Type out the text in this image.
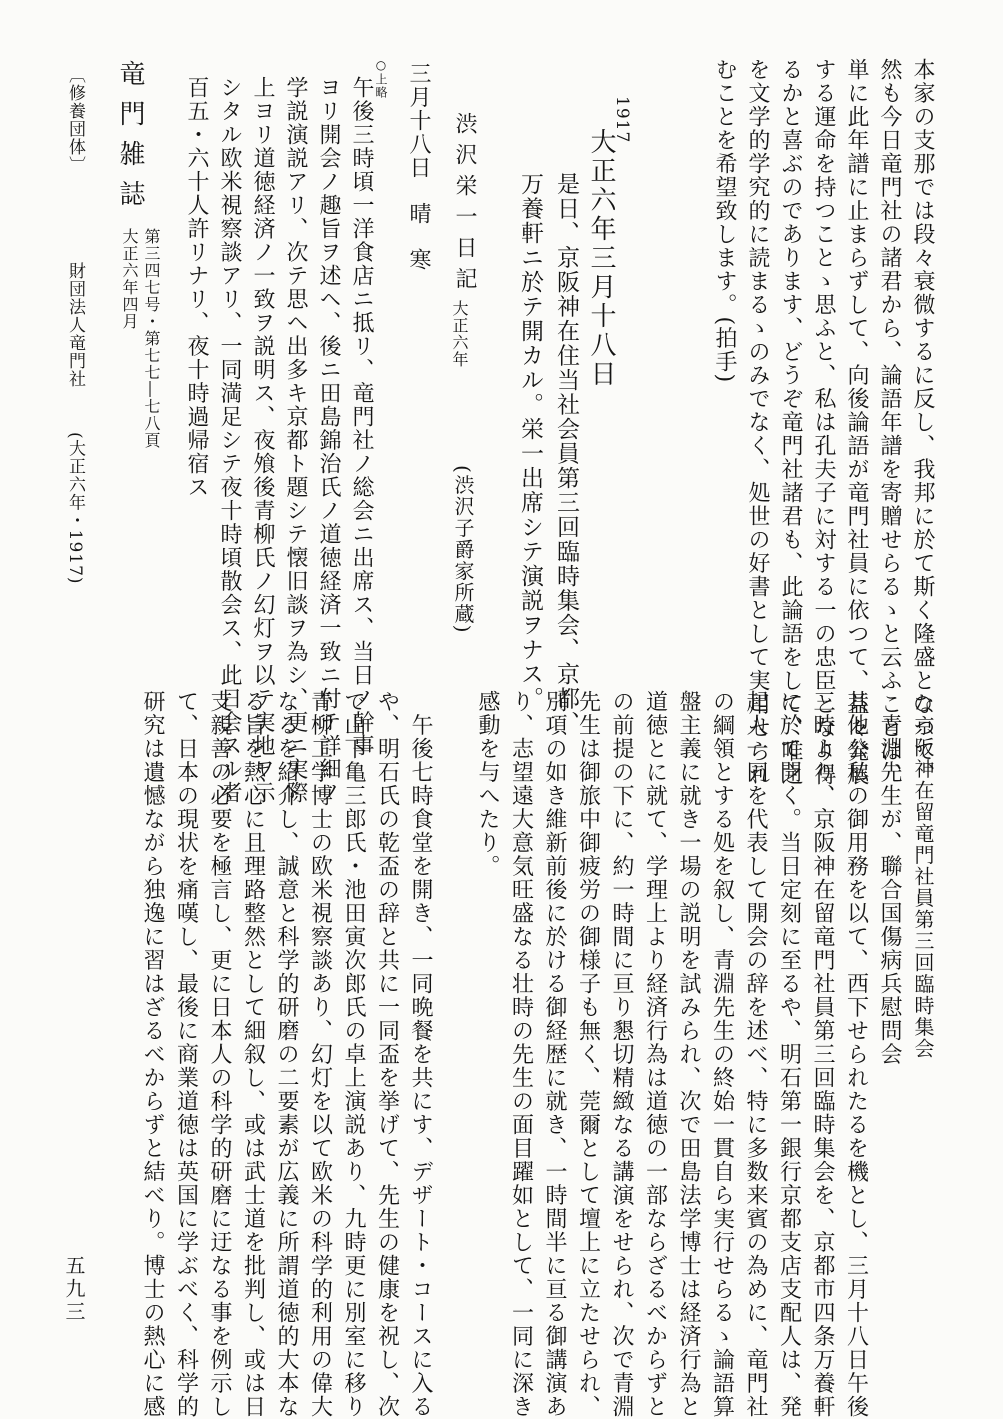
本家の支那では段々衰微するに反し、我邦に於て斯く隆盛となつて、

然も今日竜門社の諸君から、論語年譜を寄贈せらるゝと云ふことは、

単に此年譜に止まらずして、向後論語が竜門社員に依つて、益々発展

する運命を持つことゝ思ふと、私は孔夫子に対する一の忠臣となり得

るかと喜ぶのであります、どうぞ竜門社諸君も、此論語をして、唯之

を文学的学究的に読まるゝのみでなく、処世の好書として実用せられ

むことを希望致します。(拍手)

1917
大正六年三月十八日

是日、京阪神在住当社会員第三回臨時集会、京都、

万養軒ニ於テ開カル。栄一出席シテ演説ヲナス。

渋沢栄一日記
大正六年
(渋沢子爵家所蔵)
三月十八日 晴 寒
○上略

午後三時頃一洋食店ニ抵リ、竜門社ノ総会ニ出席ス、当日ノ幹事

ヨリ開会ノ趣旨ヲ述ヘ、後ニ田島錦治氏ノ道徳経済一致ニ付テ詳細ノ

学説演説アリ、次テ思ヘ出多キ京都ト題シテ懐旧談ヲ為シ、更ニ実際

上ヨリ道徳経済ノ一致ヲ説明ス、夜飧後青柳氏ノ幻灯ヲ以テ実地ヲ示

シタル欧米視察談アリ、一同満足シテ夜十時頃散会ス、此日会スル者

百五・六十人許リナリ、夜十時過帰宿ス

竜門雑誌
第三四七号・第七七―七八頁
大正六年四月
〔修養団体〕
財団法人竜門社
(大正六年・1917)
○京阪神在留竜門社員第三回臨時集会

　青淵先生が、聯合国傷病兵慰問会

其他公私の御用務を以て、西下せられたるを機とし、三月十八日午後

三時より、京阪神在留竜門社員第三回臨時集会を、京都市四条万養軒

に於て開く。当日定刻に至るや、明石第一銀行京都支店支配人は、発

起人一同を代表して開会の辞を述べ、特に多数来賓の為めに、竜門社

の綱領とする処を叙し、青淵先生の終始一貫自ら実行せらるゝ論語算

盤主義に就き一場の説明を試みられ、次で田島法学博士は経済行為と

道徳とに就て、学理上より経済行為は道徳の一部ならざるべからずと

の前提の下に、約一時間に亘り懇切精緻なる講演をせられ、次で青淵

先生は御旅中御疲労の御様子も無く、莞爾として壇上に立たせられ、

別項の如き維新前後に於ける御経歴に就き、一時間半に亘る御講演あ

り、志望遠大意気旺盛なる壮時の先生の面目躍如として、一同に深き

感動を与へたり。

　午後七時食堂を開き、一同晩餐を共にす、デザート・コースに入る

や、明石氏の乾盃の辞と共に一同盃を挙げて、先生の健康を祝し、次

で山下亀三郎氏・池田寅次郎氏の卓上演説あり、九時更に別室に移り

青柳工学博士の欧米視察談あり、幻灯を以て欧米の科学的利用の偉大

なるを紹介し、誠意と科学的研磨の二要素が広義に所謂道徳的大本な

る旨を熱心に且理路整然として細叙し、或は武士道を批判し、或は日

支親善の必要を極言し、更に日本人の科学的研磨に迂なる事を例示し

て、日本の現状を痛嘆し、最後に商業道徳は英国に学ぶべく、科学的

研究は遺憾ながら独逸に習はざるべからずと結べり。博士の熱心に感

五九三
